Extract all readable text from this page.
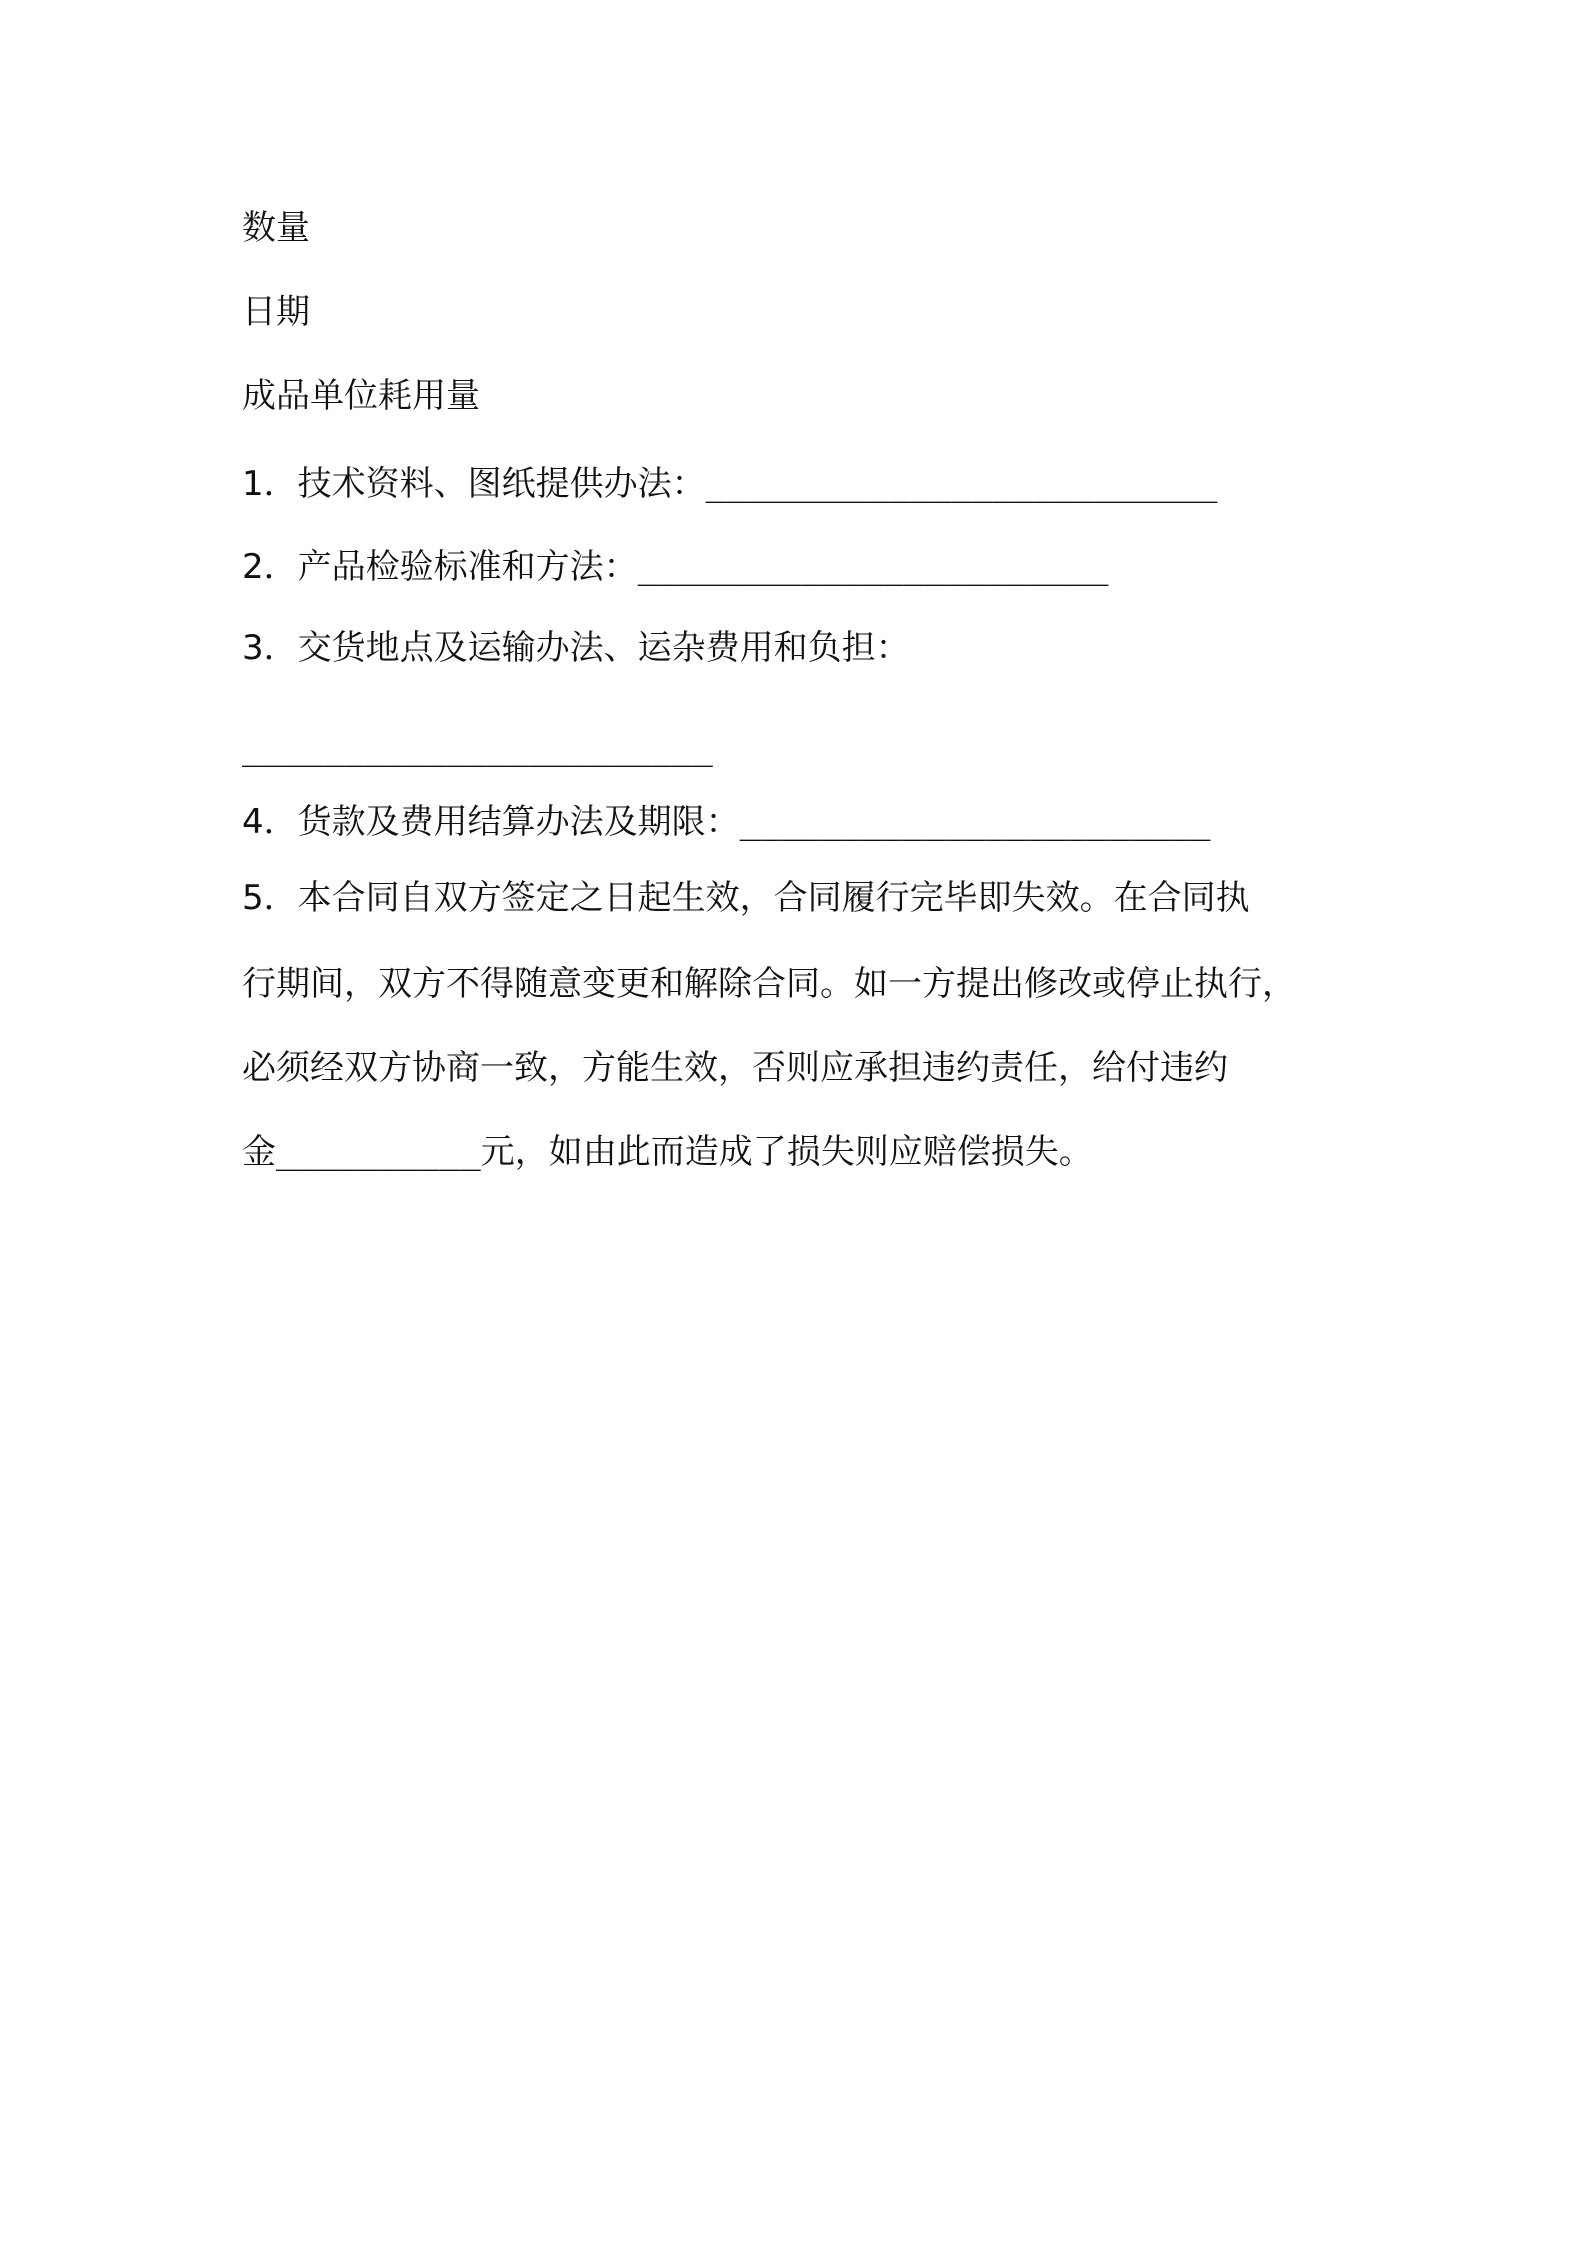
数量
日期
成品单位耗用量
1．技术资料、图纸提供办法：_________________________
2．产品检验标准和方法：_______________________
3．交货地点及运输办法、运杂费用和负担：
_______________________
4．货款及费用结算办法及期限：_______________________
5．本合同自双方签定之日起生效，合同履行完毕即失效。在合同执
行期间，双方不得随意变更和解除合同。如一方提出修改或停止执行，
必须经双方协商一致，方能生效，否则应承担违约责任，给付违约
金__________元，如由此而造成了损失则应赔偿损失。
